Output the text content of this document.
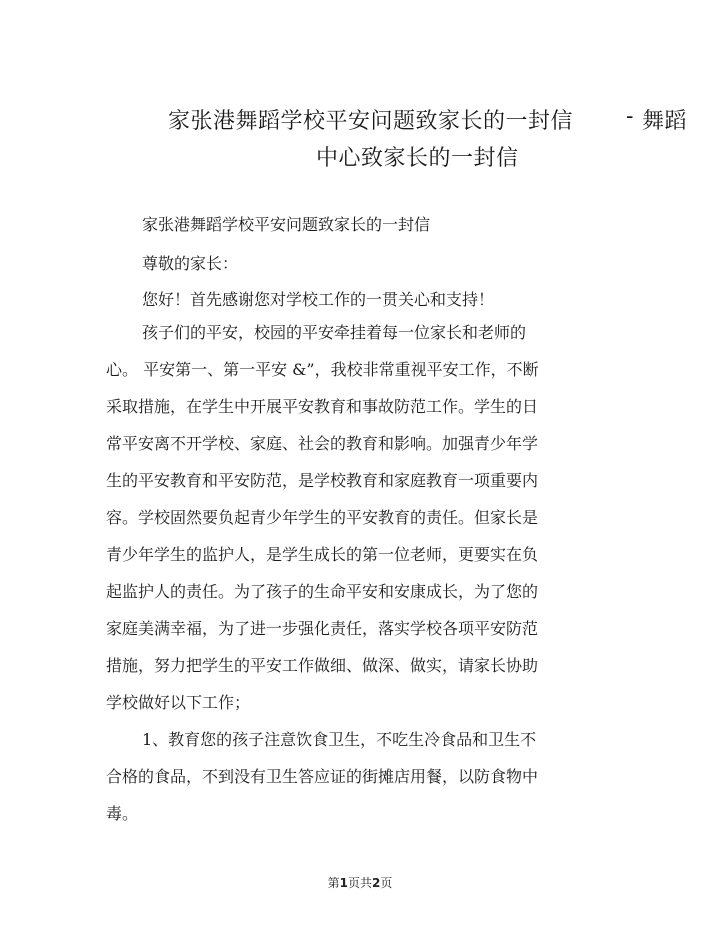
家张港舞蹈学校平安问题致家长的一封信 - 舞蹈
中心致家长的一封信
家张港舞蹈学校平安问题致家长的一封信
尊敬的家长：
您好！首先感谢您对学校工作的一贯关心和支持！
孩子们的平安，校园的平安牵挂着每一位家长和老师的
心。 平安第一、第一平安 &”，我校非常重视平安工作，不断
采取措施，在学生中开展平安教育和事故防范工作。学生的日
常平安离不开学校、家庭、社会的教育和影响。加强青少年学
生的平安教育和平安防范，是学校教育和家庭教育一项重要内
容。学校固然要负起青少年学生的平安教育的责任。但家长是
青少年学生的监护人，是学生成长的第一位老师，更要实在负
起监护人的责任。为了孩子的生命平安和安康成长，为了您的
家庭美满幸福，为了进一步强化责任，落实学校各项平安防范
措施，努力把学生的平安工作做细、做深、做实，请家长协助
学校做好以下工作；
1、教育您的孩子注意饮食卫生，不吃生冷食品和卫生不
合格的食品，不到没有卫生答应证的街摊店用餐，以防食物中
毒。
第1页共2页
